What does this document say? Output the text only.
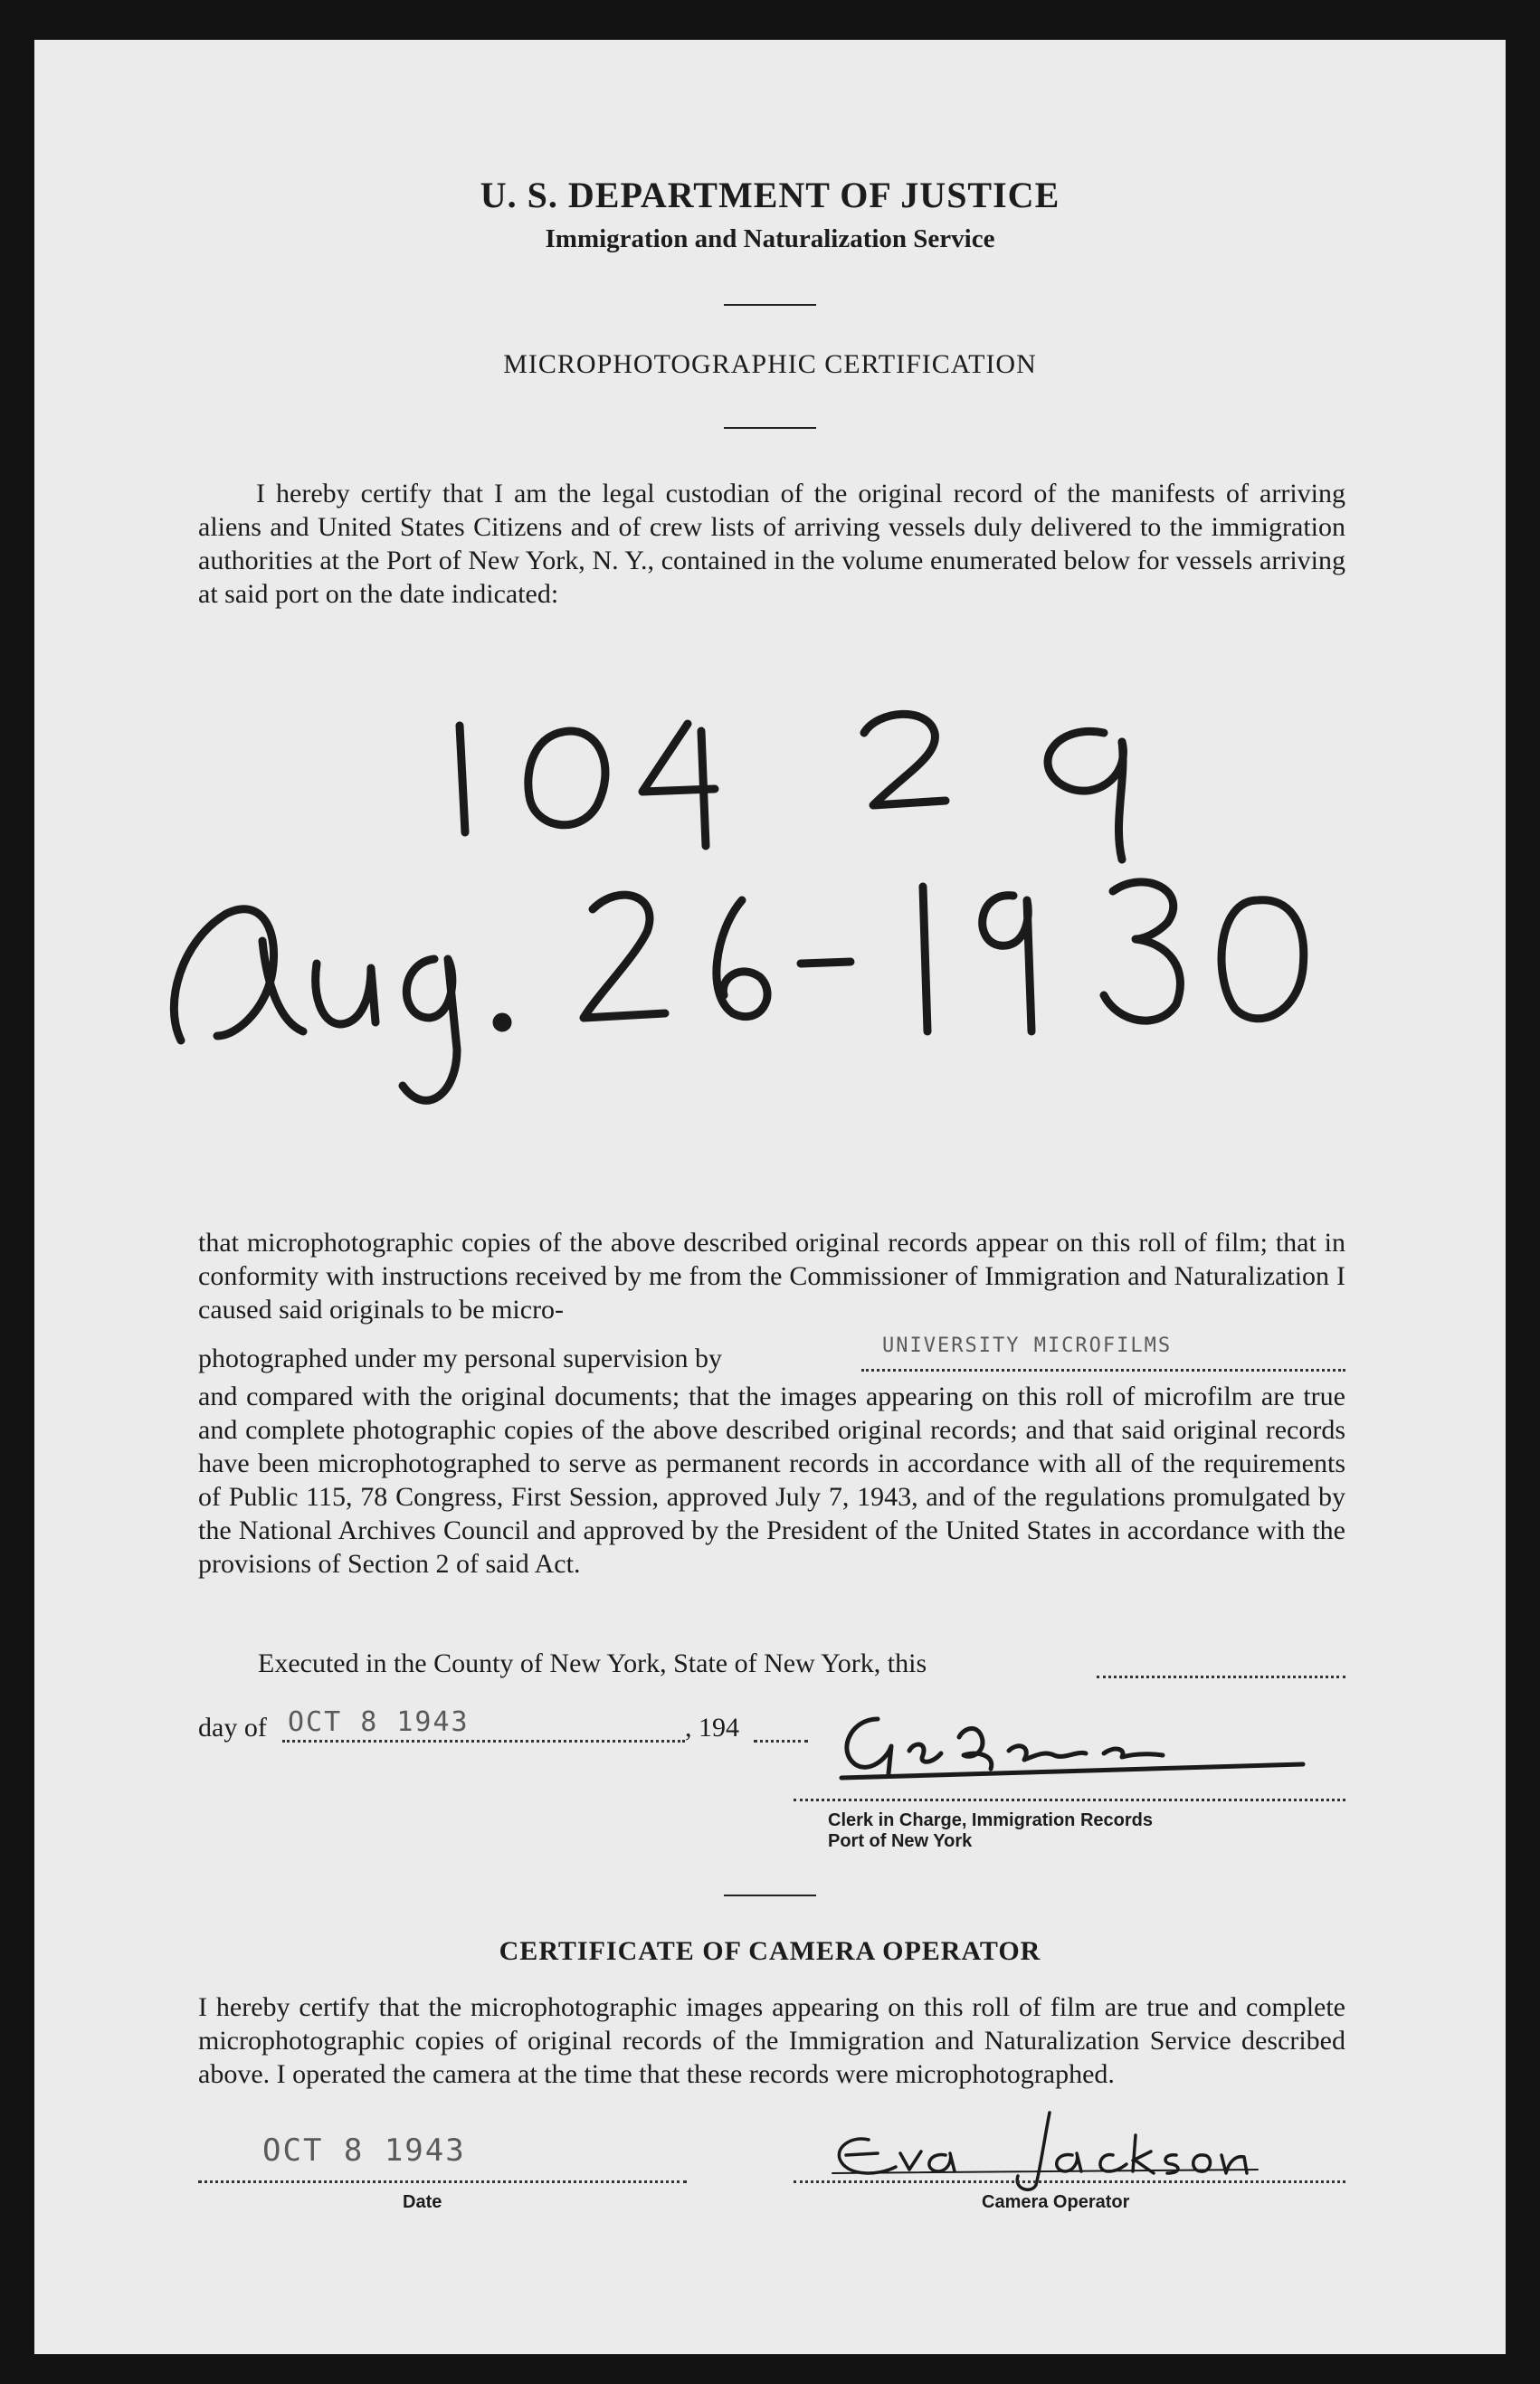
U. S. DEPARTMENT OF JUSTICE
Immigration and Naturalization Service
MICROPHOTOGRAPHIC CERTIFICATION
I hereby certify that I am the legal custodian of the original record of the manifests of arriving aliens and United States Citizens and of crew lists of arriving vessels duly delivered to the immigration authorities at the Port of New York, N. Y., contained in the volume enumerated below for vessels arriving at said port on the date indicated:
that microphotographic copies of the above described original records appear on this roll of film; that in conformity with instructions received by me from the Commissioner of Immigration and Naturalization I caused said originals to be micro-
photographed under my personal supervision by	UNIVERSITY MICROFILMS
and compared with the original documents; that the images appearing on this roll of microfilm are true and complete photographic copies of the above described original records; and that said original records have been microphotographed to serve as permanent records in accordance with all of the requirements of Public 115, 78 Congress, First Session, approved July 7, 1943, and of the regulations promulgated by the National Archives Council and approved by the President of the United States in accordance with the provisions of Section 2 of said Act.
Executed in the County of New York, State of New York, this
day of OCT 8 1943	, 194
Clerk in Charge, Immigration Records
Port of New York
CERTIFICATE OF CAMERA OPERATOR
I hereby certify that the microphotographic images appearing on this roll of film are true and complete microphotographic copies of original records of the Immigration and Naturalization Service described above. I operated the camera at the time that these records were microphotographed.
OCT 8 1943
Date	Camera Operator
